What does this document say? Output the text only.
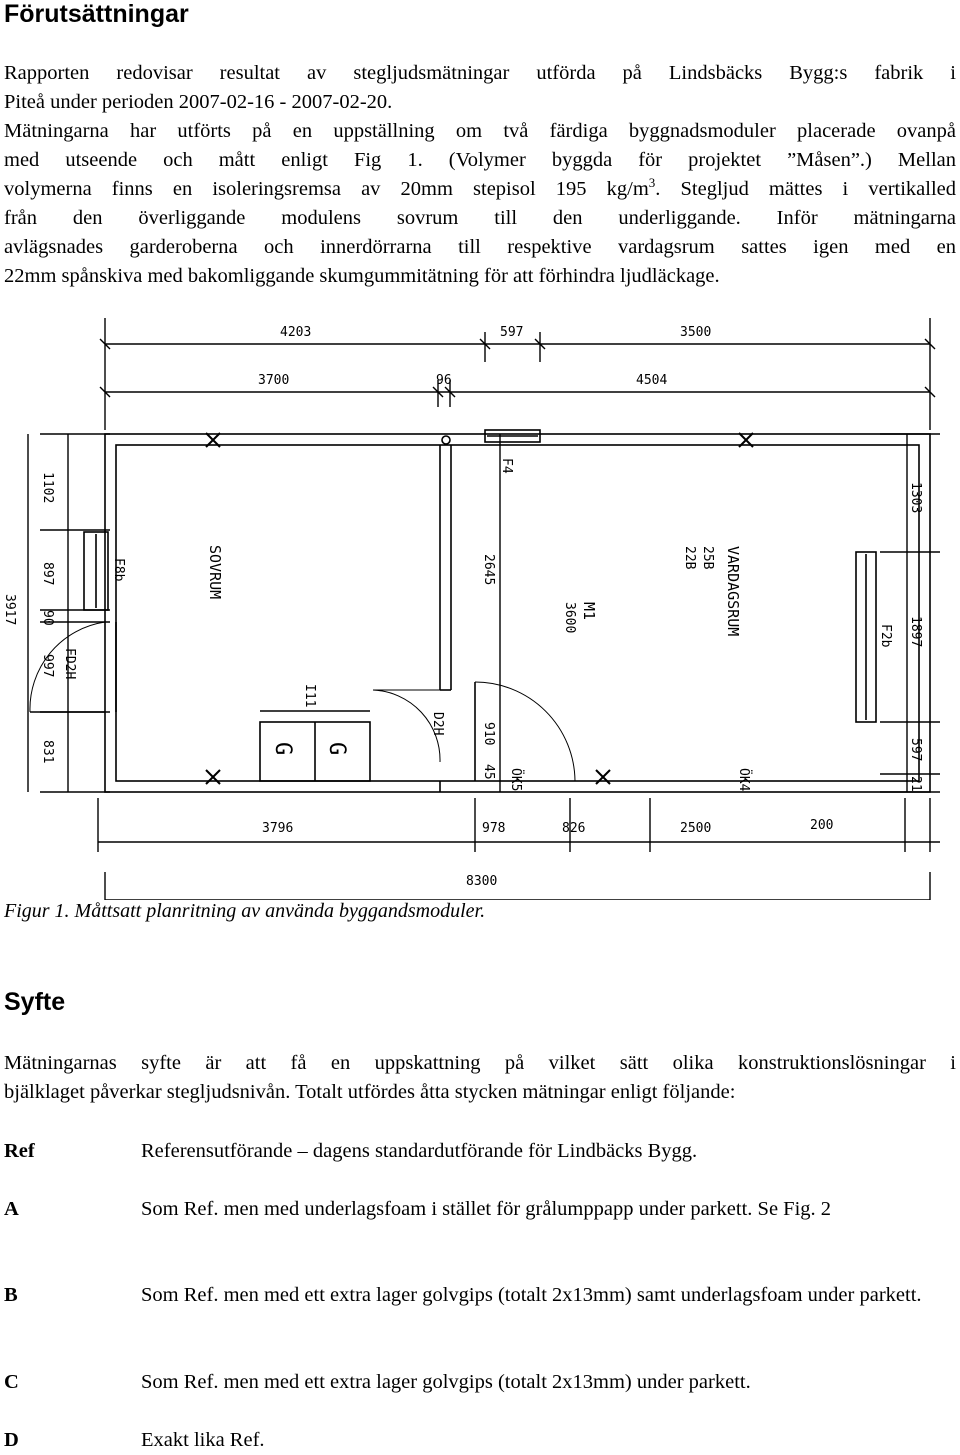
Förutsättningar
Rapporten redovisar resultat av stegljudsmätningar utförda på Lindsbäcks Bygg:s fabrik i
Piteå under perioden 2007-02-16 - 2007-02-20.
Mätningarna har utförts på en uppställning om två färdiga byggnadsmoduler placerade ovanpå
med utseende och mått enligt Fig 1. (Volymer byggda för projektet ”Måsen”.) Mellan
volymerna finns en isoleringsremsa av 20mm stepisol 195 $kg/m^3$. Stegljud mättes i vertikalled
från den överliggande modulens sovrum till den underliggande. Inför mätningarna
avlägsnades garderoberna och innerdörrarna till respektive vardagsrum sattes igen med en
22mm spånskiva med bakomliggande skumgummitätning för att förhindra ljudläckage.
4203	597	3500
3700	96	4504
3796	978	826	2500	200
8300
1102
897
90
997
831
3917
1303
1897
597
21
F4
F8b
FD2H
SOVRUM
D2H
2645
910
45 ÖK5	ÖK4
M1
3600	VARDAGSRUM
25B
22B
F2b
I11
G G

Figur 1. Måttsatt planritning av använda byggandsmoduler.

Syfte
Mätningarnas syfte är att få en uppskattning på vilket sätt olika konstruktionslösningar i
bjälklaget påverkar stegljudsnivån. Totalt utfördes åtta stycken mätningar enligt följande:
Ref	Referensutförande – dagens standardutförande för Lindbäcks Bygg.
A	Som Ref. men med underlagsfoam i stället för grålumppapp under parkett. Se Fig. 2
B	Som Ref. men med ett extra lager golvgips (totalt 2x13mm) samt underlagsfoam under parkett.
C	Som Ref. men med ett extra lager golvgips (totalt 2x13mm) under parkett.
D	Exakt lika Ref.
